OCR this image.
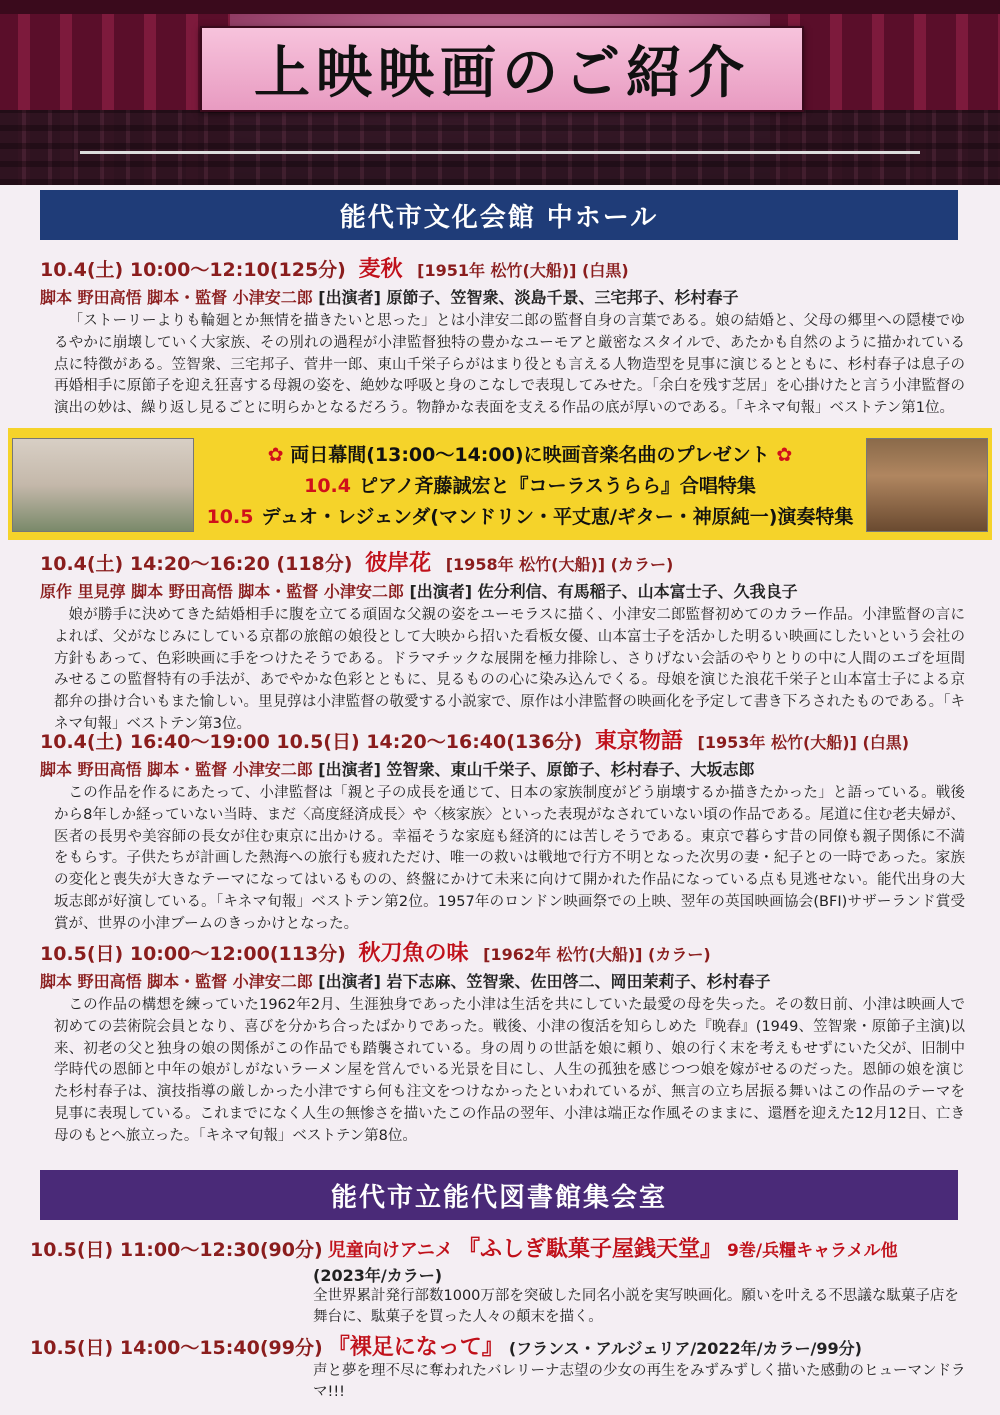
上映映画のご紹介
能代市文化会館 中ホール
10.4(土) 10:00～12:10(125分) 麦秋 [1951年 松竹(大船)] (白黒)
脚本 野田高悟 脚本・監督 小津安二郎 [出演者] 原節子、笠智衆、淡島千景、三宅邦子、杉村春子
「ストーリーよりも輪廻とか無情を描きたいと思った」とは小津安二郎の監督自身の言葉である。娘の結婚と、父母の郷里への隠棲でゆるやかに崩壊していく大家族、その別れの過程が小津監督独特の豊かなユーモアと厳密なスタイルで、あたかも自然のように描かれている点に特徴がある。笠智衆、三宅邦子、菅井一郎、東山千栄子らがはまり役とも言える人物造型を見事に演じるとともに、杉村春子は息子の再婚相手に原節子を迎え狂喜する母親の姿を、絶妙な呼吸と身のこなしで表現してみせた。「余白を残す芝居」を心掛けたと言う小津監督の演出の妙は、繰り返し見るごとに明らかとなるだろう。物静かな表面を支える作品の底が厚いのである。「キネマ旬報」ベストテン第1位。
✿ 両日幕間(13:00～14:00)に映画音楽名曲のプレゼント ✿
10.4 ピアノ斉藤誠宏と『コーラスうらら』合唱特集
10.5 デュオ・レジェンダ(マンドリン・平丈恵/ギター・神原純一)演奏特集
10.4(土) 14:20～16:20 (118分) 彼岸花 [1958年 松竹(大船)] (カラー)
原作 里見弴 脚本 野田高悟 脚本・監督 小津安二郎 [出演者] 佐分利信、有馬稲子、山本富士子、久我良子
娘が勝手に決めてきた結婚相手に腹を立てる頑固な父親の姿をユーモラスに描く、小津安二郎監督初めてのカラー作品。小津監督の言によれば、父がなじみにしている京都の旅館の娘役として大映から招いた看板女優、山本富士子を活かした明るい映画にしたいという会社の方針もあって、色彩映画に手をつけたそうである。ドラマチックな展開を極力排除し、さりげない会話のやりとりの中に人間のエゴを垣間みせるこの監督特有の手法が、あでやかな色彩とともに、見るものの心に染み込んでくる。母娘を演じた浪花千栄子と山本富士子による京都弁の掛け合いもまた愉しい。里見弴は小津監督の敬愛する小説家で、原作は小津監督の映画化を予定して書き下ろされたものである。「キネマ旬報」ベストテン第3位。
10.4(土) 16:40～19:00 10.5(日) 14:20～16:40(136分) 東京物語 [1953年 松竹(大船)] (白黒)
脚本 野田高悟 脚本・監督 小津安二郎 [出演者] 笠智衆、東山千栄子、原節子、杉村春子、大坂志郎
この作品を作るにあたって、小津監督は「親と子の成長を通じて、日本の家族制度がどう崩壊するか描きたかった」と語っている。戦後から8年しか経っていない当時、まだ〈高度経済成長〉や〈核家族〉といった表現がなされていない頃の作品である。尾道に住む老夫婦が、医者の長男や美容師の長女が住む東京に出かける。幸福そうな家庭も経済的には苦しそうである。東京で暮らす昔の同僚も親子関係に不満をもらす。子供たちが計画した熱海への旅行も疲れただけ、唯一の救いは戦地で行方不明となった次男の妻・紀子との一時であった。家族の変化と喪失が大きなテーマになってはいるものの、終盤にかけて未来に向けて開かれた作品になっている点も見逃せない。能代出身の大坂志郎が好演している。「キネマ旬報」ベストテン第2位。1957年のロンドン映画祭での上映、翌年の英国映画協会(BFI)サザーランド賞受賞が、世界の小津ブームのきっかけとなった。
10.5(日) 10:00～12:00(113分) 秋刀魚の味 [1962年 松竹(大船)] (カラー)
脚本 野田高悟 脚本・監督 小津安二郎 [出演者] 岩下志麻、笠智衆、佐田啓二、岡田茉莉子、杉村春子
この作品の構想を練っていた1962年2月、生涯独身であった小津は生活を共にしていた最愛の母を失った。その数日前、小津は映画人で初めての芸術院会員となり、喜びを分かち合ったばかりであった。戦後、小津の復活を知らしめた『晩春』(1949、笠智衆・原節子主演)以来、初老の父と独身の娘の関係がこの作品でも踏襲されている。身の周りの世話を娘に頼り、娘の行く末を考えもせずにいた父が、旧制中学時代の恩師と中年の娘がしがないラーメン屋を営んでいる光景を目にし、人生の孤独を感じつつ娘を嫁がせるのだった。恩師の娘を演じた杉村春子は、演技指導の厳しかった小津ですら何も注文をつけなかったといわれているが、無言の立ち居振る舞いはこの作品のテーマを見事に表現している。これまでになく人生の無惨さを描いたこの作品の翌年、小津は端正な作風そのままに、還暦を迎えた12月12日、亡き母のもとへ旅立った。「キネマ旬報」ベストテン第8位。
能代市立能代図書館集会室
10.5(日) 11:00～12:30(90分) 児童向けアニメ 『ふしぎ駄菓子屋銭天堂』 9巻/兵糧キャラメル他
(2023年/カラー)
全世界累計発行部数1000万部を突破した同名小説を実写映画化。願いを叶える不思議な駄菓子店を舞台に、駄菓子を買った人々の顛末を描く。
10.5(日) 14:00～15:40(99分) 『裸足になって』 (フランス・アルジェリア/2022年/カラー/99分)
声と夢を理不尽に奪われたバレリーナ志望の少女の再生をみずみずしく描いた感動のヒューマンドラマ!!!
